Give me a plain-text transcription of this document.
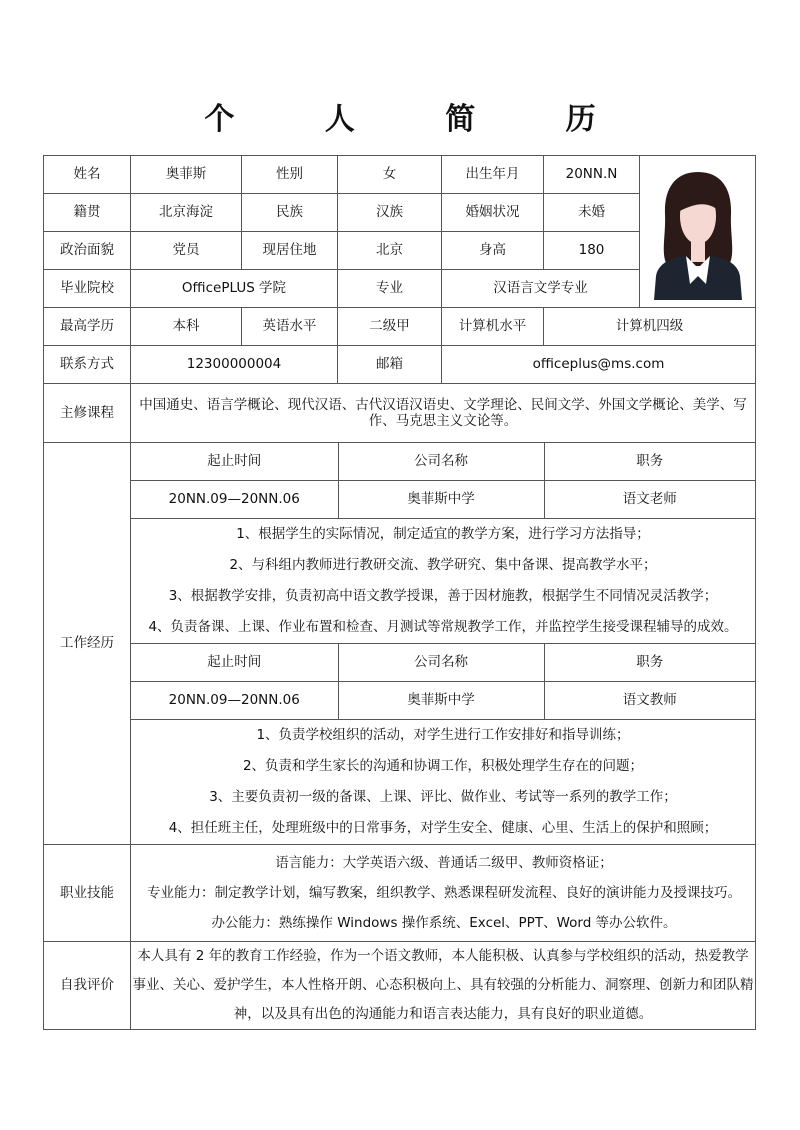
个 人 简 历
姓名	奥菲斯	性别	女	出生年月	20NN.N	

籍贯	北京海淀	民族	汉族	婚姻状况	未婚
政治面貌	党员	现居住地	北京	身高	180
毕业院校	OfficePLUS 学院	专业	汉语言文学专业
最高学历	本科	英语水平	二级甲	计算机水平	计算机四级
联系方式	12300000004	邮箱	officeplus@ms.com
主修课程	中国通史、语言学概论、现代汉语、古代汉语汉语史、文学理论、民间文学、外国文学概论、美学、写作、马克思主义文论等。
工作经历	
起止时间	公司名称	职务
20NN.09—20NN.06	奥菲斯中学	语文老师

1、根据学生的实际情况，制定适宜的教学方案，进行学习方法指导；
2、与科组内教师进行教研交流、教学研究、集中备课、提高教学水平；
3、根据教学安排，负责初高中语文教学授课，善于因材施教，根据学生不同情况灵活教学；
4、负责备课、上课、作业布置和检查、月测试等常规教学工作，并监控学生接受课程辅导的成效。

起止时间	公司名称	职务
20NN.09—20NN.06	奥菲斯中学	语文教师

1、负责学校组织的活动，对学生进行工作安排好和指导训练；
2、负责和学生家长的沟通和协调工作，积极处理学生存在的问题；
3、主要负责初一级的备课、上课、评比、做作业、考试等一系列的教学工作；
4、担任班主任，处理班级中的日常事务，对学生安全、健康、心里、生活上的保护和照顾；

职业技能	
语言能力：大学英语六级、普通话二级甲、教师资格证；
专业能力：制定教学计划，编写教案，组织教学、熟悉课程研发流程、良好的演讲能力及授课技巧。
办公能力：熟练操作 Windows 操作系统、Excel、PPT、Word 等办公软件。

自我评价	本人具有 2 年的教育工作经验，作为一个语文教师，本人能积极、认真参与学校组织的活动，热爱教学事业、关心、爱护学生，本人性格开朗、心态积极向上、具有较强的分析能力、洞察理、创新力和团队精神，以及具有出色的沟通能力和语言表达能力，具有良好的职业道德。
